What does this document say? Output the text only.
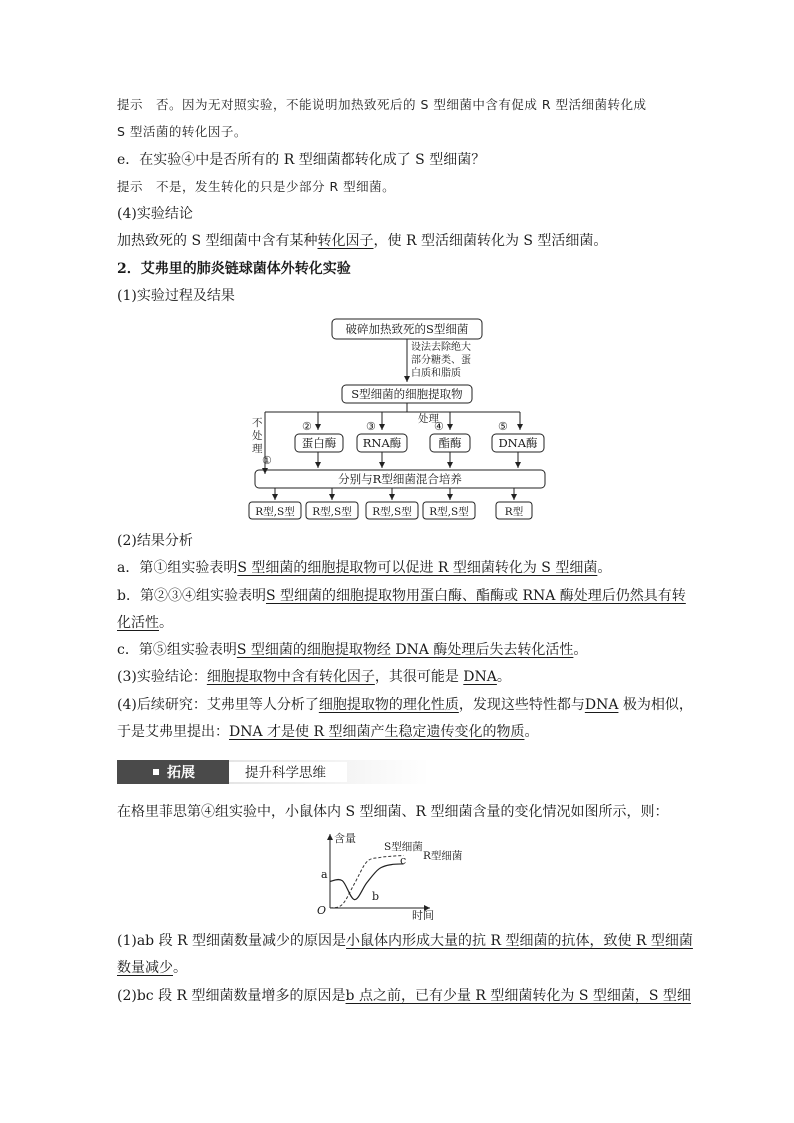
提示　否。因为无对照实验，不能说明加热致死后的 S 型细菌中含有促成 R 型活细菌转化成
S 型活菌的转化因子。
e．在实验④中是否所有的 R 型细菌都转化成了 S 型细菌？
提示　不是，发生转化的只是少部分 R 型细菌。
(4)实验结论
加热致死的 S 型细菌中含有某种转化因子，使 R 型活细菌转化为 S 型活细菌。
2．艾弗里的肺炎链球菌体外转化实验
(1)实验过程及结果
破碎加热致死的S型细菌
设法去除绝大
部分糖类、蛋
白质和脂质
S型细菌的细胞提取物
处理
不
处
理
①
②	③	④	⑤
蛋白酶 RNA酶	酯酶	DNA酶
分别与R型细菌混合培养
R型,S型 R型,S型 R型,S型 R型,S型	R型
(2)结果分析
a．第①组实验表明S 型细菌的细胞提取物可以促进 R 型细菌转化为 S 型细菌。
b．第②③④组实验表明S 型细菌的细胞提取物用蛋白酶、酯酶或 RNA 酶处理后仍然具有转
化活性。
c．第⑤组实验表明S 型细菌的细胞提取物经 DNA 酶处理后失去转化活性。
(3)实验结论：细胞提取物中含有转化因子，其很可能是 DNA。
(4)后续研究：艾弗里等人分析了细胞提取物的理化性质，发现这些特性都与DNA 极为相似，
于是艾弗里提出：DNA 才是使 R 型细菌产生稳定遗传变化的物质。
拓展	提升科学思维
在格里菲思第④组实验中，小鼠体内 S 型细菌、R 型细菌含量的变化情况如图所示，则：
含量
时间
O
S型细菌
R型细菌
a
b
c
(1)ab 段 R 型细菌数量减少的原因是小鼠体内形成大量的抗 R 型细菌的抗体，致使 R 型细菌
数量减少。
(2)bc 段 R 型细菌数量增多的原因是b 点之前，已有少量 R 型细菌转化为 S 型细菌，S 型细
